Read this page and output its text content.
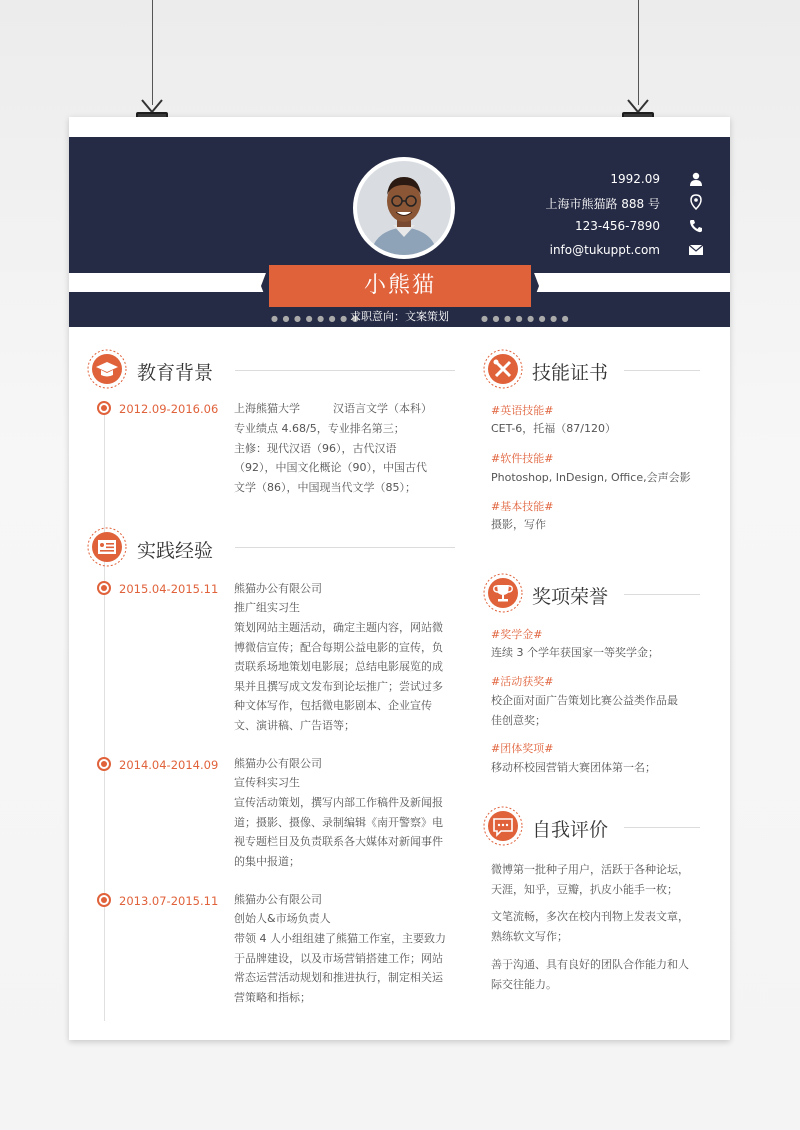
小熊猫
● ● ● ● ● ● ● ●
求职意向：文案策划	● ● ● ● ● ● ● ●
1992.09
上海市熊猫路 888 号
123-456-7890
info@tukuppt.com
教育背景
2012.09-2016.06 上海熊猫大学	汉语言文学（本科）
专业绩点 4.68/5，专业排名第三；
主修：现代汉语（96），古代汉语
（92），中国文化概论（90），中国古代
文学（86），中国现当代文学（85）；
实践经验
2015.04-2015.11 熊猫办公有限公司
推广组实习生
策划网站主题活动，确定主题内容，网站微
博微信宣传；配合每期公益电影的宣传，负
责联系场地策划电影展；总结电影展览的成
果并且撰写成文发布到论坛推广；尝试过多
种文体写作，包括微电影剧本、企业宣传
文、演讲稿、广告语等；
2014.04-2014.09 熊猫办公有限公司
宣传科实习生
宣传活动策划，撰写内部工作稿件及新闻报
道；摄影、摄像、录制编辑《南开警察》电
视专题栏目及负责联系各大媒体对新闻事件
的集中报道；
2013.07-2015.11 熊猫办公有限公司
创始人&市场负责人
带领 4 人小组组建了熊猫工作室，主要致力
于品牌建设，以及市场营销搭建工作；网站
常态运营活动规划和推进执行，制定相关运
营策略和指标；
技能证书
#英语技能#
CET-6，托福（87/120）
#软件技能#
Photoshop, InDesign, Office,会声会影
#基本技能#
摄影，写作
奖项荣誉
#奖学金#
连续 3 个学年获国家一等奖学金；
#活动获奖#
校企面对面广告策划比赛公益类作品最
佳创意奖；
#团体奖项#
移动杯校园营销大赛团体第一名；
自我评价
微博第一批种子用户，活跃于各种论坛，
天涯，知乎，豆瓣，扒皮小能手一枚；
文笔流畅，多次在校内刊物上发表文章，
熟练软文写作；
善于沟通、具有良好的团队合作能力和人
际交往能力。
